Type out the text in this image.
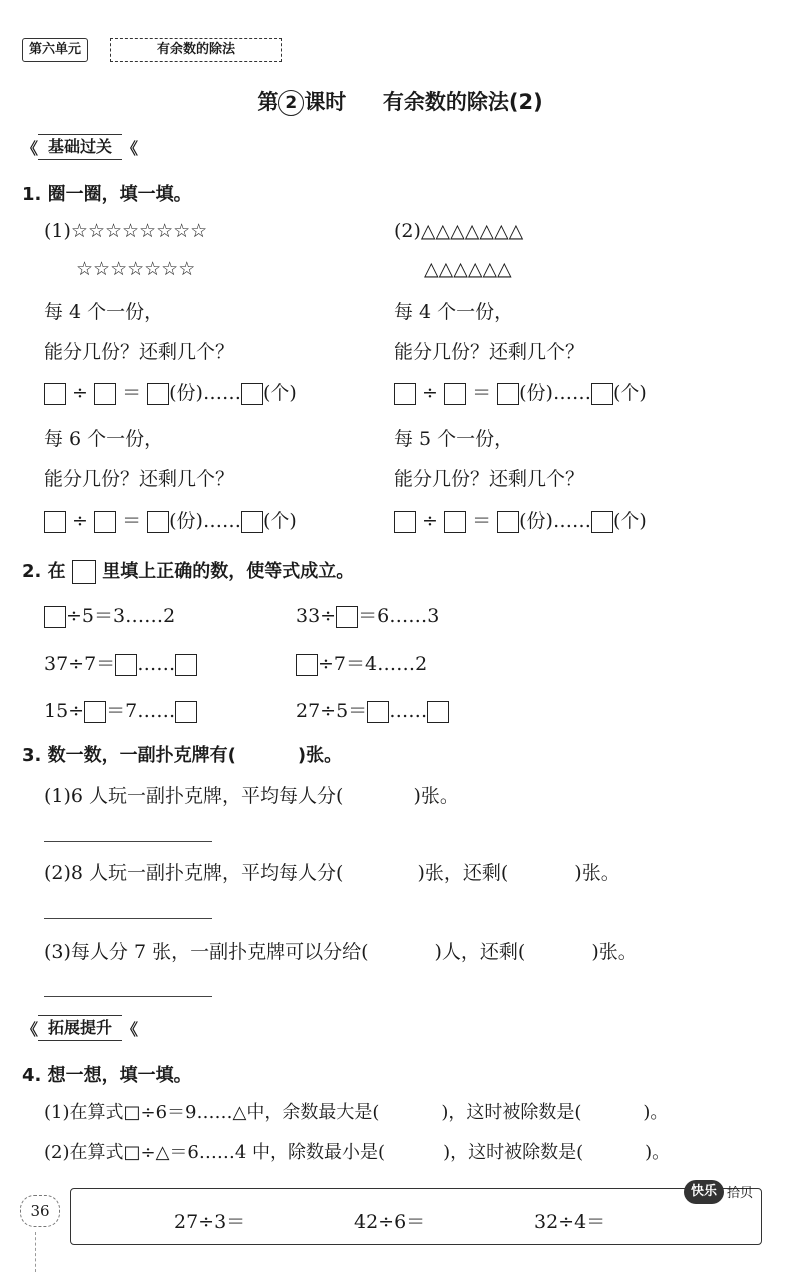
第六单元	有余数的除法
第 2 课时 有余数的除法(2)
《 基础过关 《
1. 圈一圈，填一填。
(1)☆☆☆☆☆☆☆☆
☆☆☆☆☆☆☆
每 4 个一份，
能分几份？还剩几个？
÷ ＝ (份)…… (个)
每 6 个一份，
能分几份？还剩几个？
÷ ＝ (份)…… (个)
(2)△△△△△△△
△△△△△△
每 4 个一份，
能分几份？还剩几个？
÷ ＝ (份)…… (个)
每 5 个一份，
能分几份？还剩几个？
÷ ＝ (份)…… (个)
2. 在 里填上正确的数，使等式成立。
÷5＝3……2	33÷ ＝6……3
37÷7＝ ……	÷7＝4……2
15÷ ＝7……	27÷5＝ ……
3. 数一数，一副扑克牌有(	)张。
(1)6 人玩一副扑克牌，平均每人分(	)张。
(2)8 人玩一副扑克牌，平均每人分(	)张，还剩(	)张。
(3)每人分 7 张，一副扑克牌可以分给(	)人，还剩(	)张。
《 拓展提升 《
4. 想一想，填一填。
(1)在算式□÷6＝9……△中，余数最大是(	)，这时被除数是(	)。
(2)在算式□÷△＝6……4 中，除数最小是(	)，这时被除数是(	)。
36
快乐 拾贝
27÷3＝	42÷6＝	32÷4＝
